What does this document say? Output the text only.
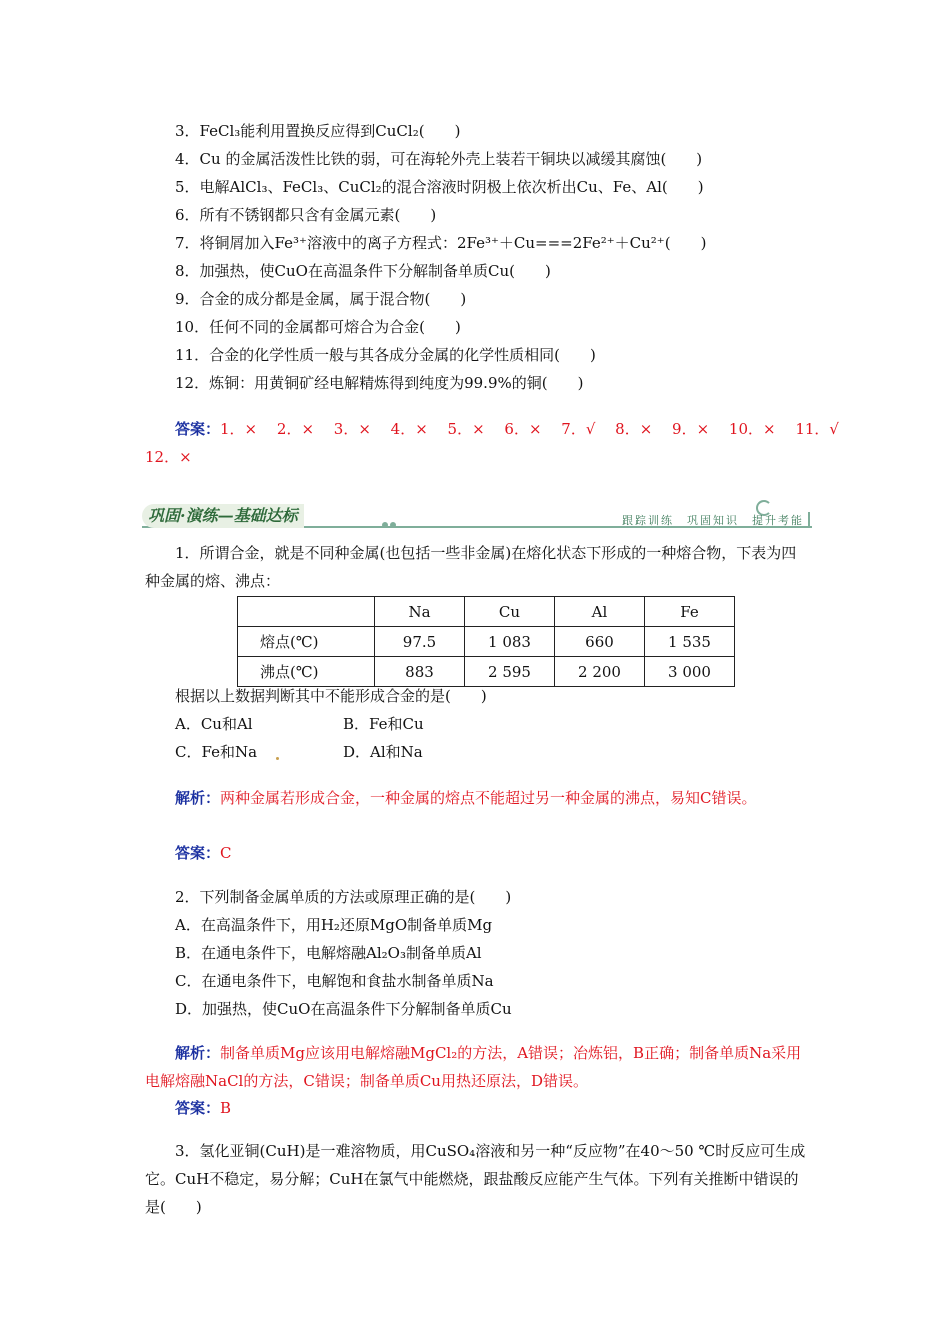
3．FeCl₃能利用置换反应得到CuCl₂(　　)
4．Cu 的金属活泼性比铁的弱，可在海轮外壳上装若干铜块以减缓其腐蚀(　　)
5．电解AlCl₃、FeCl₃、CuCl₂的混合溶液时阴极上依次析出Cu、Fe、Al(　　)
6．所有不锈钢都只含有金属元素(　　)
7．将铜屑加入Fe³⁺溶液中的离子方程式：2Fe³⁺＋Cu===2Fe²⁺＋Cu²⁺(　　)
8．加强热，使CuO在高温条件下分解制备单质Cu(　　)
9．合金的成分都是金属，属于混合物(　　)
10．任何不同的金属都可熔合为合金(　　)
11．合金的化学性质一般与其各成分金属的化学性质相同(　　)
12．炼铜：用黄铜矿经电解精炼得到纯度为99.9%的铜(　　)
答案：1．×　 2．×　 3．×　 4．×　 5．×　 6．×　 7．√　 8．×　 9．×　 10．×　 11．√
12．×
巩固·演练—基础达标	跟踪训练　巩固知识　提升考能
1．所谓合金，就是不同种金属(也包括一些非金属)在熔化状态下形成的一种熔合物，下表为四种金属的熔、沸点：
	Na	Cu	Al	Fe
熔点(℃)	97.5	1 083	660	1 535
沸点(℃)	883	2 595	2 200	3 000
根据以上数据判断其中不能形成合金的是(　　)
A．Cu和Al	B．Fe和Cu
C．Fe和Na	D．Al和Na
解析：两种金属若形成合金，一种金属的熔点不能超过另一种金属的沸点，易知C错误。
答案：C
2．下列制备金属单质的方法或原理正确的是(　　)
A．在高温条件下，用H₂还原MgO制备单质Mg
B．在通电条件下，电解熔融Al₂O₃制备单质Al
C．在通电条件下，电解饱和食盐水制备单质Na
D．加强热，使CuO在高温条件下分解制备单质Cu
解析：制备单质Mg应该用电解熔融MgCl₂的方法，A错误；冶炼铝，B正确；制备单质Na采用电解熔融NaCl的方法，C错误；制备单质Cu用热还原法，D错误。
答案：B
3．氢化亚铜(CuH)是一难溶物质，用CuSO₄溶液和另一种“反应物”在40～50 ℃时反应可生成它。CuH不稳定，易分解；CuH在氯气中能燃烧，跟盐酸反应能产生气体。下列有关推断中错误的是(　　)
